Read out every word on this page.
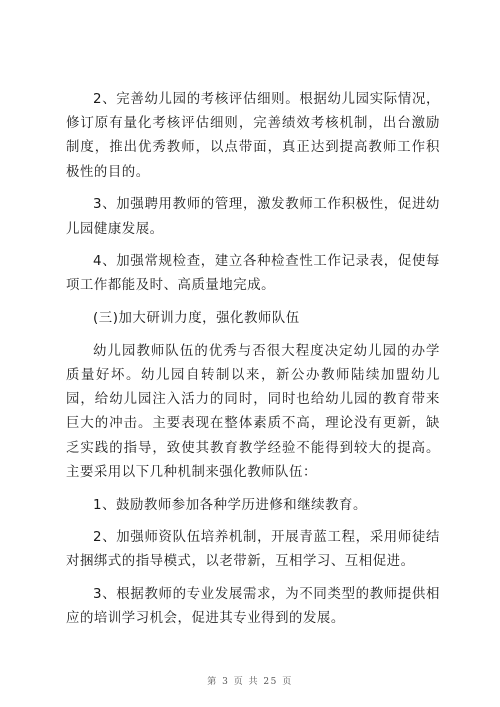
2、完善幼儿园的考核评估细则。根据幼儿园实际情况，修订原有量化考核评估细则，完善绩效考核机制，出台激励制度，推出优秀教师，以点带面，真正达到提高教师工作积极性的目的。

3、加强聘用教师的管理，激发教师工作积极性，促进幼儿园健康发展。

4、加强常规检查，建立各种检查性工作记录表，促使每项工作都能及时、高质量地完成。

(三)加大研训力度，强化教师队伍

幼儿园教师队伍的优秀与否很大程度决定幼儿园的办学质量好坏。幼儿园自转制以来，新公办教师陆续加盟幼儿园，给幼儿园注入活力的同时，同时也给幼儿园的教育带来巨大的冲击。主要表现在整体素质不高，理论没有更新，缺乏实践的指导，致使其教育教学经验不能得到较大的提高。主要采用以下几种机制来强化教师队伍：

1、鼓励教师参加各种学历进修和继续教育。

2、加强师资队伍培养机制，开展青蓝工程，采用师徒结对捆绑式的指导模式，以老带新，互相学习、互相促进。

3、根据教师的专业发展需求，为不同类型的教师提供相应的培训学习机会，促进其专业得到的发展。

第 3 页 共 25 页
